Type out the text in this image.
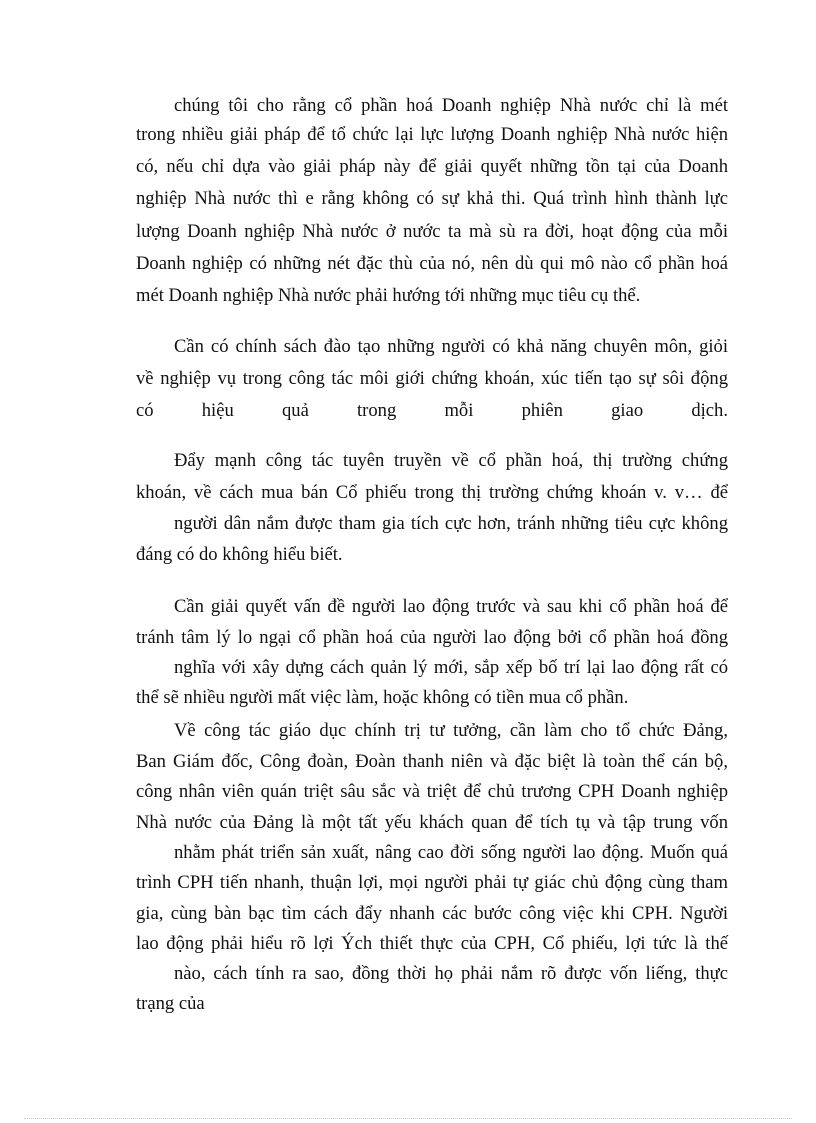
chúng tôi cho rằng cổ phần hoá Doanh nghiệp Nhà nước chỉ là mét
trong nhiều giải pháp để tổ chức lại lực lượng Doanh nghiệp Nhà nước hiện
có, nếu chỉ dựa vào giải pháp này để giải quyết những tồn tại của Doanh
nghiệp Nhà nước thì e rằng không có sự khả thi. Quá trình hình thành lực
lượng Doanh nghiệp Nhà nước ở nước ta mà sù ra đời, hoạt động của mỗi
Doanh nghiệp có những nét đặc thù của nó, nên dù qui mô nào cổ phần hoá
mét Doanh nghiệp Nhà nước phải hướng tới những mục tiêu cụ thể.
Cần có chính sách đào tạo những người có khả năng chuyên môn, giỏi
về nghiệp vụ trong công tác môi giới chứng khoán, xúc tiến tạo sự sôi động
có hiệu quả trong mỗi phiên giao dịch.
Đẩy mạnh công tác tuyên truyền về cổ phần hoá, thị trường chứng
khoán, về cách mua bán Cổ phiếu trong thị trường chứng khoán v. v… để
người dân nắm được tham gia tích cực hơn, tránh những tiêu cực không
đáng có do không hiểu biết.
Cần giải quyết vấn đề người lao động trước và sau khi cổ phần hoá để
tránh tâm lý lo ngại cổ phần hoá của người lao động bởi cổ phần hoá đồng
nghĩa với xây dựng cách quản lý mới, sắp xếp bố trí lại lao động rất có
thể sẽ nhiều người mất việc làm, hoặc không có tiền mua cổ phần.
Về công tác giáo dục chính trị tư tưởng, cần làm cho tổ chức Đảng,
Ban Giám đốc, Công đoàn, Đoàn thanh niên và đặc biệt là toàn thể cán bộ,
công nhân viên quán triệt sâu sắc và triệt để chủ trương CPH Doanh nghiệp
Nhà nước của Đảng là một tất yếu khách quan để tích tụ và tập trung vốn
nhằm phát triển sản xuất, nâng cao đời sống người lao động. Muốn quá
trình CPH tiến nhanh, thuận lợi, mọi người phải tự giác chủ động cùng tham
gia, cùng bàn bạc tìm cách đẩy nhanh các bước công việc khi CPH. Người
lao động phải hiểu rõ lợi Ých thiết thực của CPH, Cổ phiếu, lợi tức là thế
nào, cách tính ra sao, đồng thời họ phải nắm rõ được vốn liếng, thực
trạng của
